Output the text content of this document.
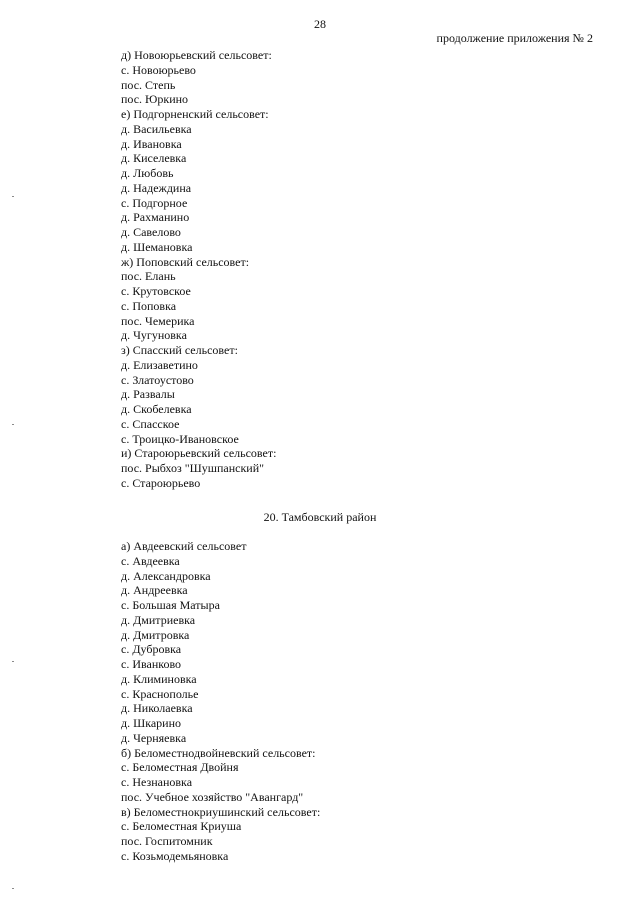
28
продолжение приложения № 2
д) Новоюрьевский сельсовет:
с. Новоюрьево
пос. Степь
пос. Юркино
е) Подгорненский сельсовет:
д. Васильевка
д. Ивановка
д. Киселевка
д. Любовь
д. Надеждина
с. Подгорное
д. Рахманино
д. Савелово
д. Шемановка
ж) Поповский сельсовет:
пос. Елань
с. Крутовское
с. Поповка
пос. Чемерика
д. Чугуновка
з) Спасский сельсовет:
д. Елизаветино
с. Златоустово
д. Развалы
д. Скобелевка
с. Спасское
с. Троицко-Ивановское
и) Староюрьевский сельсовет:
пос. Рыбхоз "Шушпанский"
с. Староюрьево
20. Тамбовский район
а) Авдеевский сельсовет
с. Авдеевка
д. Александровка
д. Андреевка
с. Большая Матыра
д. Дмитриевка
д. Дмитровка
с. Дубровка
с. Иванково
д. Климиновка
с. Краснополье
д. Николаевка
д. Шкарино
д. Черняевка
б) Беломестнодвойневский сельсовет:
с. Беломестная Двойня
с. Незнановка
пос. Учебное хозяйство "Авангард"
в) Беломестнокриушинский сельсовет:
с. Беломестная Криуша
пос. Госпитомник
с. Козьмодемьяновка
